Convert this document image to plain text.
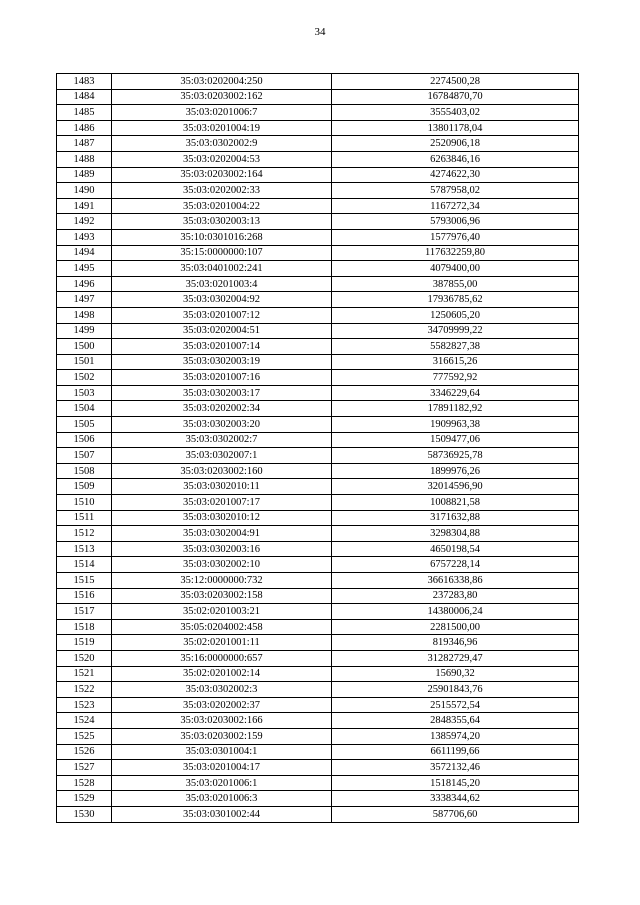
34
1483	35:03:0202004:250	2274500,28
1484	35:03:0203002:162	16784870,70
1485	35:03:0201006:7	3555403,02
1486	35:03:0201004:19	13801178,04
1487	35:03:0302002:9	2520906,18
1488	35:03:0202004:53	6263846,16
1489	35:03:0203002:164	4274622,30
1490	35:03:0202002:33	5787958,02
1491	35:03:0201004:22	1167272,34
1492	35:03:0302003:13	5793006,96
1493	35:10:0301016:268	1577976,40
1494	35:15:0000000:107	117632259,80
1495	35:03:0401002:241	4079400,00
1496	35:03:0201003:4	387855,00
1497	35:03:0302004:92	17936785,62
1498	35:03:0201007:12	1250605,20
1499	35:03:0202004:51	34709999,22
1500	35:03:0201007:14	5582827,38
1501	35:03:0302003:19	316615,26
1502	35:03:0201007:16	777592,92
1503	35:03:0302003:17	3346229,64
1504	35:03:0202002:34	17891182,92
1505	35:03:0302003:20	1909963,38
1506	35:03:0302002:7	1509477,06
1507	35:03:0302007:1	58736925,78
1508	35:03:0203002:160	1899976,26
1509	35:03:0302010:11	32014596,90
1510	35:03:0201007:17	1008821,58
1511	35:03:0302010:12	3171632,88
1512	35:03:0302004:91	3298304,88
1513	35:03:0302003:16	4650198,54
1514	35:03:0302002:10	6757228,14
1515	35:12:0000000:732	36616338,86
1516	35:03:0203002:158	237283,80
1517	35:02:0201003:21	14380006,24
1518	35:05:0204002:458	2281500,00
1519	35:02:0201001:11	819346,96
1520	35:16:0000000:657	31282729,47
1521	35:02:0201002:14	15690,32
1522	35:03:0302002:3	25901843,76
1523	35:03:0202002:37	2515572,54
1524	35:03:0203002:166	2848355,64
1525	35:03:0203002:159	1385974,20
1526	35:03:0301004:1	6611199,66
1527	35:03:0201004:17	3572132,46
1528	35:03:0201006:1	1518145,20
1529	35:03:0201006:3	3338344,62
1530	35:03:0301002:44	587706,60
